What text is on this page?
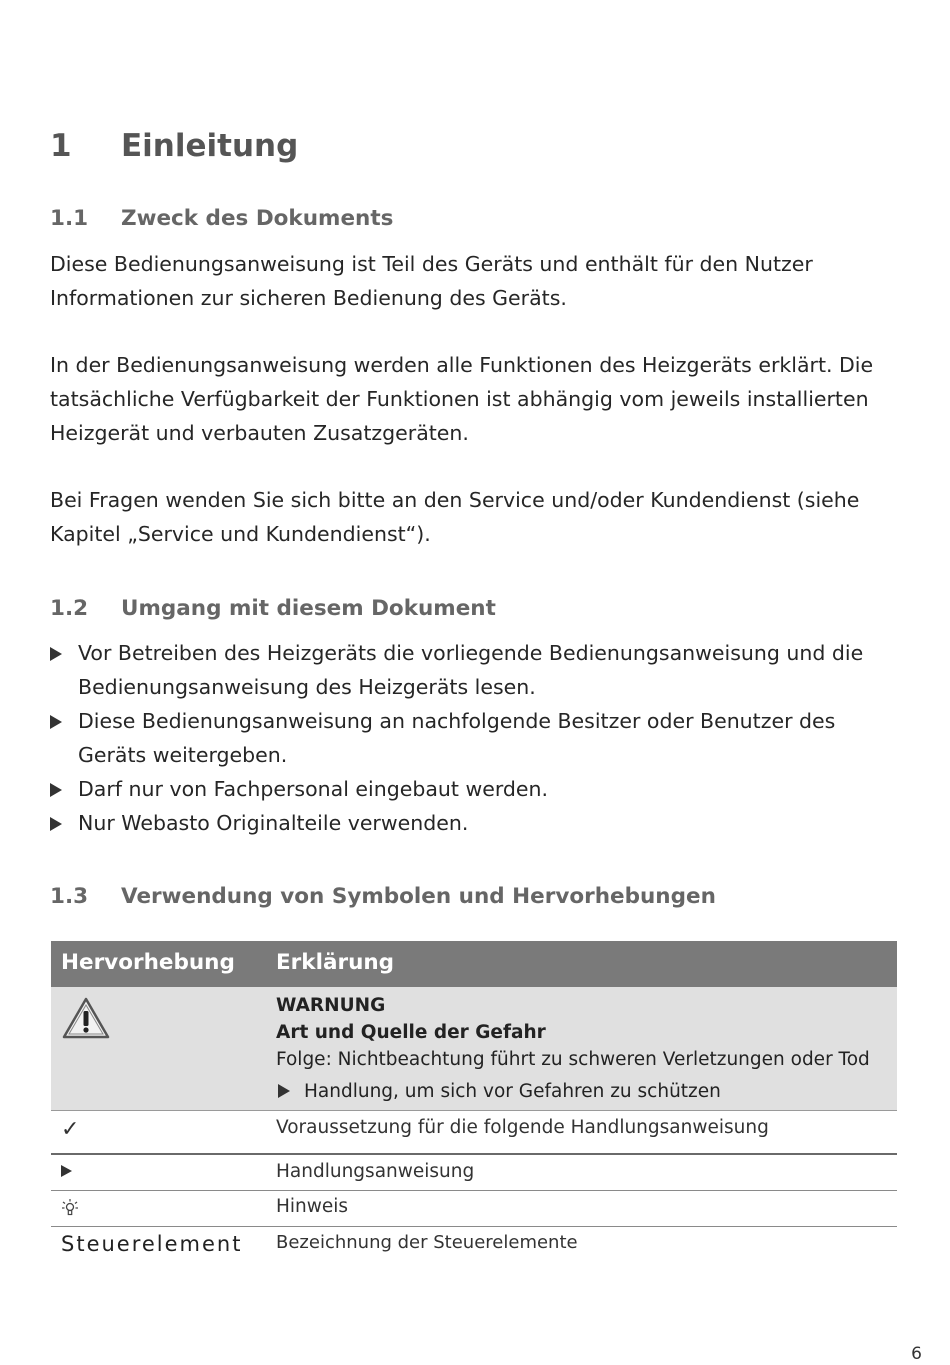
1 Einleitung
1.1 Zweck des Dokuments

Diese Bedienungsanweisung ist Teil des Geräts und enthält für den Nutzer Informationen zur sicheren Bedienung des Geräts.

In der Bedienungsanweisung werden alle Funktionen des Heizgeräts erklärt. Die tatsächliche Verfügbarkeit der Funktionen ist abhängig vom jeweils installierten Heizgerät und verbauten Zusatzgeräten.

Bei Fragen wenden Sie sich bitte an den Service und/oder Kundendienst (siehe Kapitel „Service und Kundendienst“).

1.2 Umgang mit diesem Dokument
Vor Betreiben des Heizgeräts die vorliegende Bedienungsanweisung und die Bedienungsanweisung des Heizgeräts lesen.
Diese Bedienungsanweisung an nachfolgende Besitzer oder Benutzer des Geräts weitergeben.
Darf nur von Fachpersonal eingebaut werden.
Nur Webasto Originalteile verwenden.
1.3 Verwendung von Symbolen und Hervorhebungen
Hervorhebung Erklärung
WARNUNG
Art und Quelle der Gefahr
Folge: Nichtbeachtung führt zu schweren Verletzungen oder Tod
Handlung, um sich vor Gefahren zu schützen
✓	Voraussetzung für die folgende Handlungsanweisung
Handlungsanweisung
Hinweis
Steuerelement Bezeichnung der Steuerelemente
6
